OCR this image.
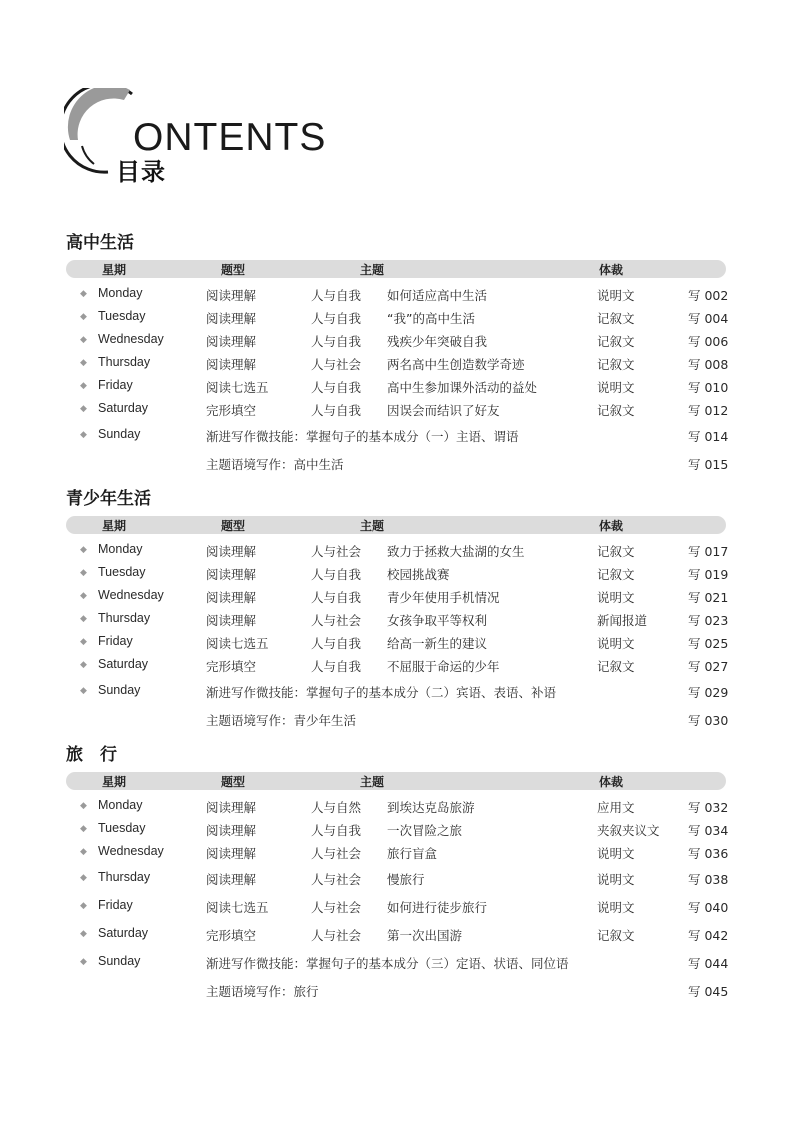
ONTENTS
目录
高中生活
星期	题型	主题	体裁
◆ Monday	阅读理解	人与自我 如何适应高中生活	说明文	写 002
◆ Tuesday	阅读理解	人与自我 “我”的高中生活	记叙文	写 004
◆ Wednesday	阅读理解	人与自我 残疾少年突破自我	记叙文	写 006
◆ Thursday	阅读理解	人与社会 两名高中生创造数学奇迹	记叙文	写 008
◆ Friday	阅读七选五	人与自我 高中生参加课外活动的益处	说明文	写 010
◆ Saturday	完形填空	人与自我 因误会而结识了好友	记叙文	写 012
◆ Sunday	渐进写作微技能：掌握句子的基本成分（一）主语、谓语	写 014
主题语境写作：高中生活	写 015
青少年生活
星期	题型	主题	体裁
◆ Monday	阅读理解	人与社会 致力于拯救大盐湖的女生	记叙文	写 017
◆ Tuesday	阅读理解	人与自我 校园挑战赛	记叙文	写 019
◆ Wednesday	阅读理解	人与自我 青少年使用手机情况	说明文	写 021
◆ Thursday	阅读理解	人与社会 女孩争取平等权利	新闻报道	写 023
◆ Friday	阅读七选五	人与自我 给高一新生的建议	说明文	写 025
◆ Saturday	完形填空	人与自我 不屈服于命运的少年	记叙文	写 027
◆ Sunday	渐进写作微技能：掌握句子的基本成分（二）宾语、表语、补语	写 029
主题语境写作：青少年生活	写 030
旅　行
星期	题型	主题	体裁
◆ Monday	阅读理解	人与自然 到埃达克岛旅游	应用文	写 032
◆ Tuesday	阅读理解	人与自我 一次冒险之旅	夹叙夹议文 写 034
◆ Wednesday	阅读理解	人与社会 旅行盲盒	说明文	写 036
◆ Thursday	阅读理解	人与社会 慢旅行	说明文	写 038
◆ Friday	阅读七选五	人与社会 如何进行徒步旅行	说明文	写 040
◆ Saturday	完形填空	人与社会 第一次出国游	记叙文	写 042
◆ Sunday	渐进写作微技能：掌握句子的基本成分（三）定语、状语、同位语	写 044
主题语境写作：旅行	写 045
